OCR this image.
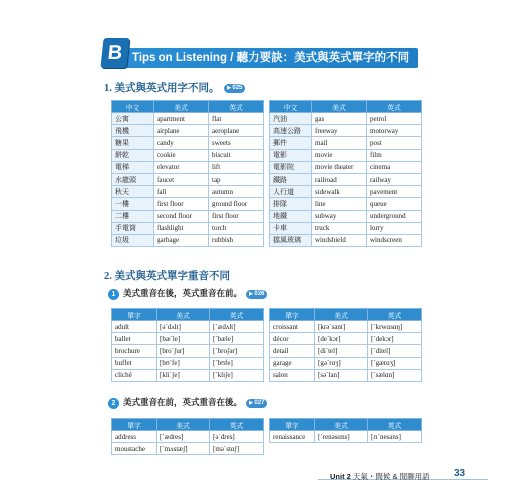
B Tips on Listening / 聽力要訣：美式與英式單字的不同
1. 美式與英式用字不同。 ▶ 025
中文	美式	英式
公寓	apartment	flat
飛機	airplane	aeroplane
糖果	candy	sweets
餅乾	cookie	biscuit
電梯	elevator	lift
水龍頭	faucet	tap
秋天	fall	autumn
一樓	first floor	ground floor
二樓	second floor	first floor
手電筒	flashlight	torch
垃圾	garbage	rubbish
中文	美式	英式
汽油	gas	petrol
高速公路	freeway	motorway
郵件	mail	post
電影	movie	film
電影院	movie theater	cinema
鐵路	railroad	railway
人行道	sidewalk	pavement
排隊	line	queue
地鐵	subway	underground
卡車	truck	lorry
擋風玻璃	windshield	windscreen
2. 美式與英式單字重音不同
1 美式重音在後，英式重音在前。 ▶ 026
單字	美式	英式
adult	[əˋdʌlt]	[ˋædʌlt]
ballet	[bæˋle]	[ˋbæle]
brochure	[broˋʃur]	[ˋbroʃər]
buffet	[bʊˋfe]	[ˋbʊfe]
cliché	[kliˋʃe]	[ˋkliʃe]
單字	美式	英式
croissant	[krəˋsant]	[ˋkrwɑsɑŋ]
décor	[deˋkɔr]	[ˋdekɔr]
detail	[diˋtel]	[ˋditel]
garage	[gəˋrɑʒ]	[ˋgærɑʒ]
salon	[səˋlan]	[ˋsælɑn]
2 美式重音在前，英式重音在後。 ▶ 027
單字	美式	英式
address	[ˋædres]	[əˋdres]
moustache	[ˋmʌstæʃ]	[məˋstɑʃ]
單字	美式	英式
renaissance	[ˋrenəsɑns]	[rɪˋnesəns]
Unit 2 天氣・間候 & 閒聊用語 33
